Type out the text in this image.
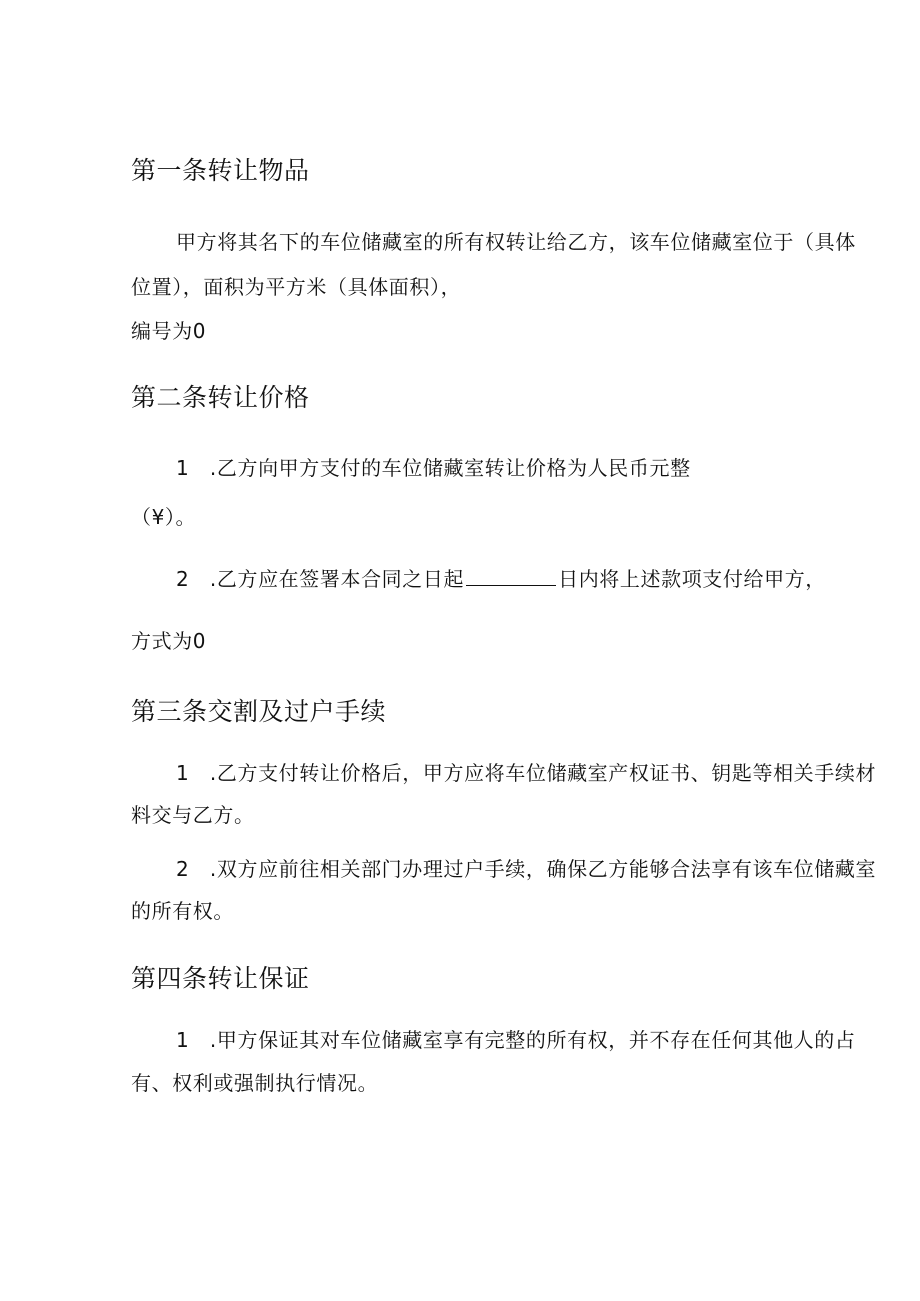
第一条转让物品
甲方将其名下的车位储藏室的所有权转让给乙方，该车位储藏室位于（具体
位置），面积为平方米（具体面积），
编号为0
第二条转让价格
1　.乙方向甲方支付的车位储藏室转让价格为人民币元整
（¥）。
2　.乙方应在签署本合同之日起	日内将上述款项支付给甲方，
方式为0
第三条交割及过户手续
1　.乙方支付转让价格后，甲方应将车位储藏室产权证书、钥匙等相关手续材
料交与乙方。
2　.双方应前往相关部门办理过户手续，确保乙方能够合法享有该车位储藏室
的所有权。
第四条转让保证
1　.甲方保证其对车位储藏室享有完整的所有权，并不存在任何其他人的占
有、权利或强制执行情况。
